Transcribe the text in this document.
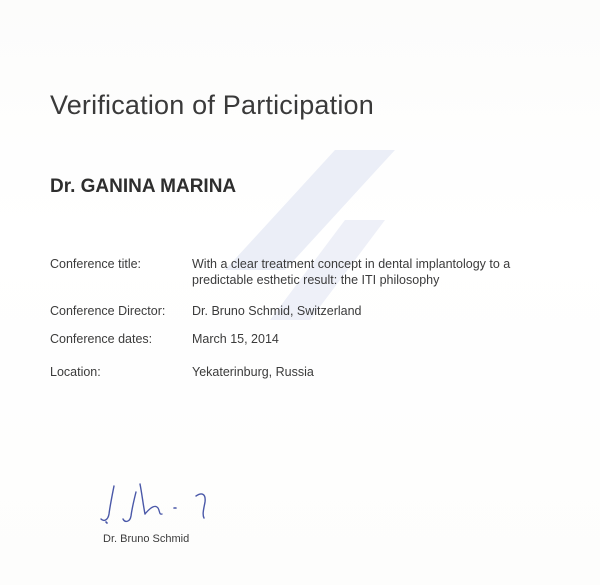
Verification of Participation
Dr. GANINA MARINA
Conference title:	With a clear treatment concept in dental implantology to a predictable esthetic result: the ITI philosophy
Conference Director: Dr. Bruno Schmid, Switzerland
Conference dates:	March 15, 2014
Location:	Yekaterinburg, Russia
Dr. Bruno Schmid
